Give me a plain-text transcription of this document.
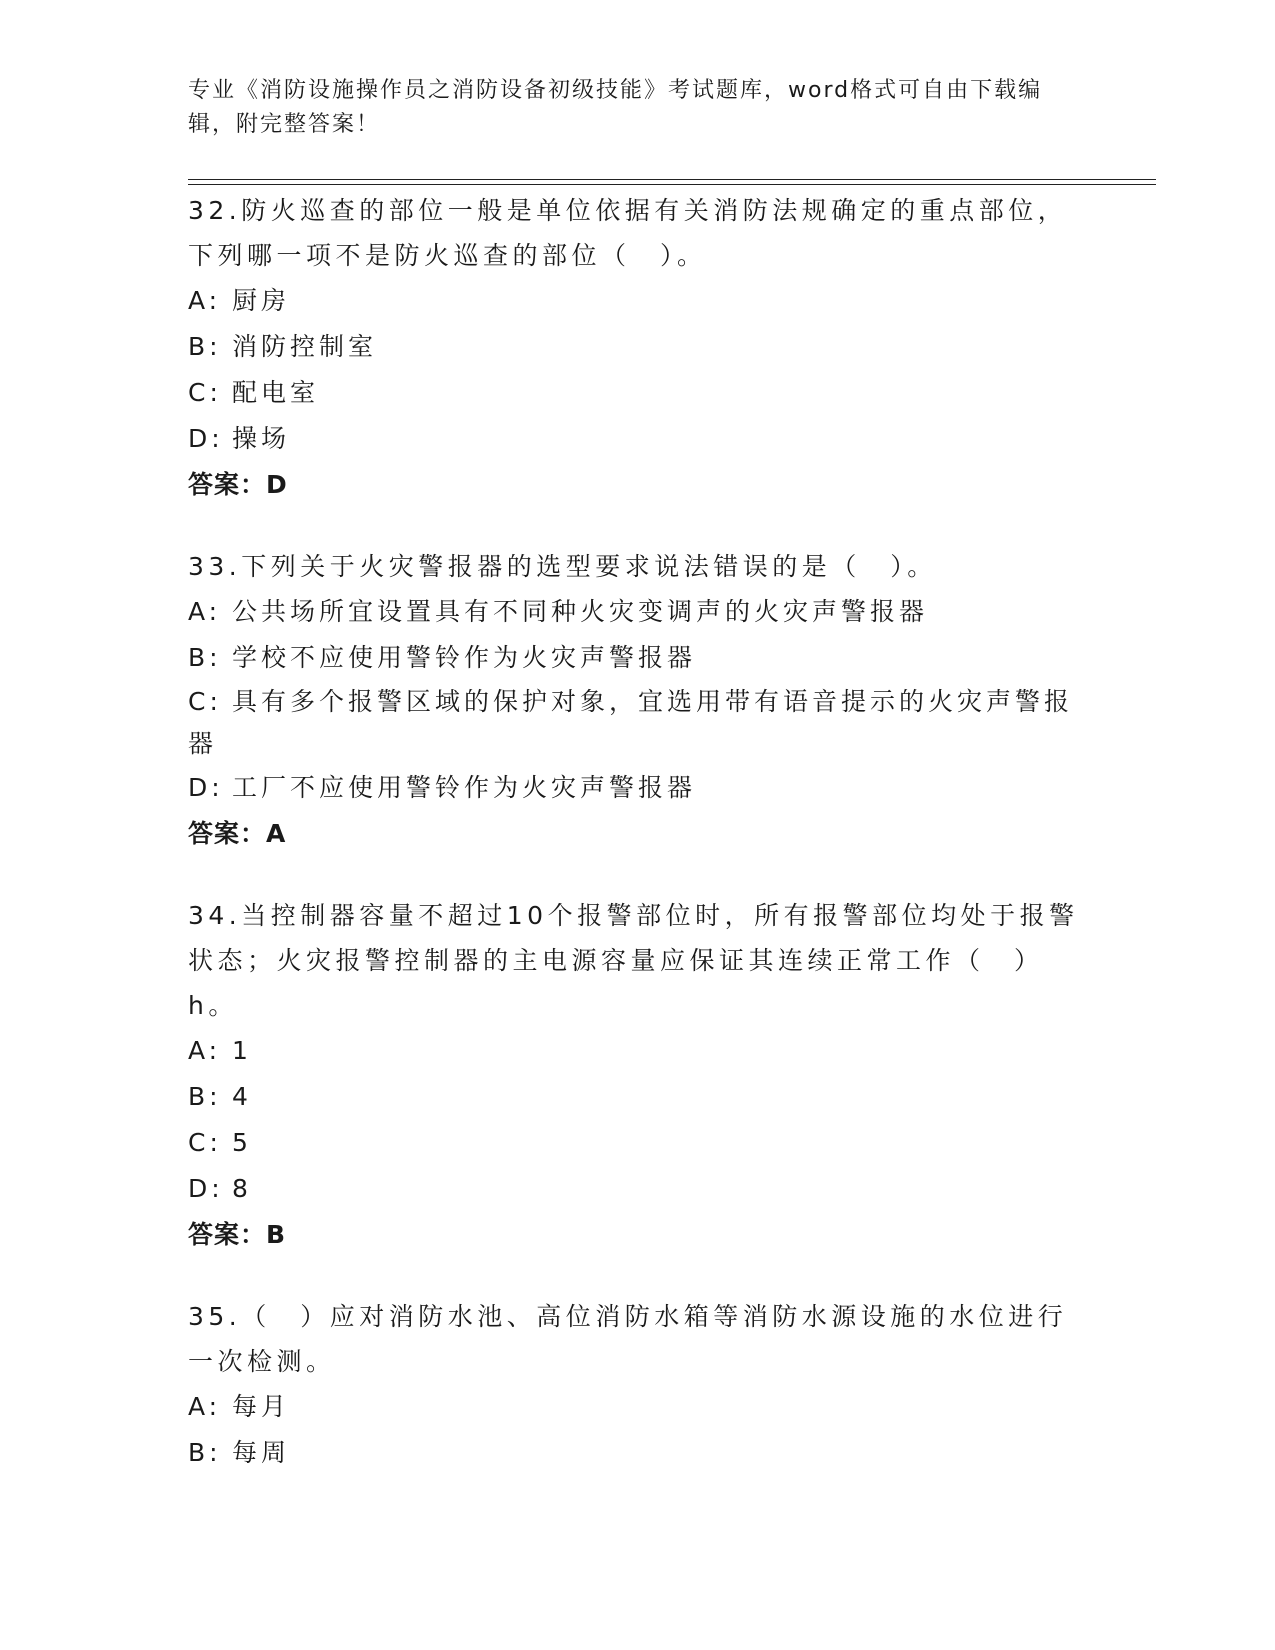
专业《消防设施操作员之消防设备初级技能》考试题库，word格式可自由下载编辑，附完整答案！
32.防火巡查的部位一般是单位依据有关消防法规确定的重点部位，下列哪一项不是防火巡查的部位（　）。
A: 厨房
B: 消防控制室
C: 配电室
D: 操场
答案：D
33.下列关于火灾警报器的选型要求说法错误的是（　）。
A: 公共场所宜设置具有不同种火灾变调声的火灾声警报器
B: 学校不应使用警铃作为火灾声警报器
C: 具有多个报警区域的保护对象，宜选用带有语音提示的火灾声警报器
D: 工厂不应使用警铃作为火灾声警报器
答案：A
34.当控制器容量不超过10个报警部位时，所有报警部位均处于报警状态；火灾报警控制器的主电源容量应保证其连续正常工作（　）h。
A: 1
B: 4
C: 5
D: 8
答案：B
35.（　）应对消防水池、高位消防水箱等消防水源设施的水位进行一次检测。
A: 每月
B: 每周
